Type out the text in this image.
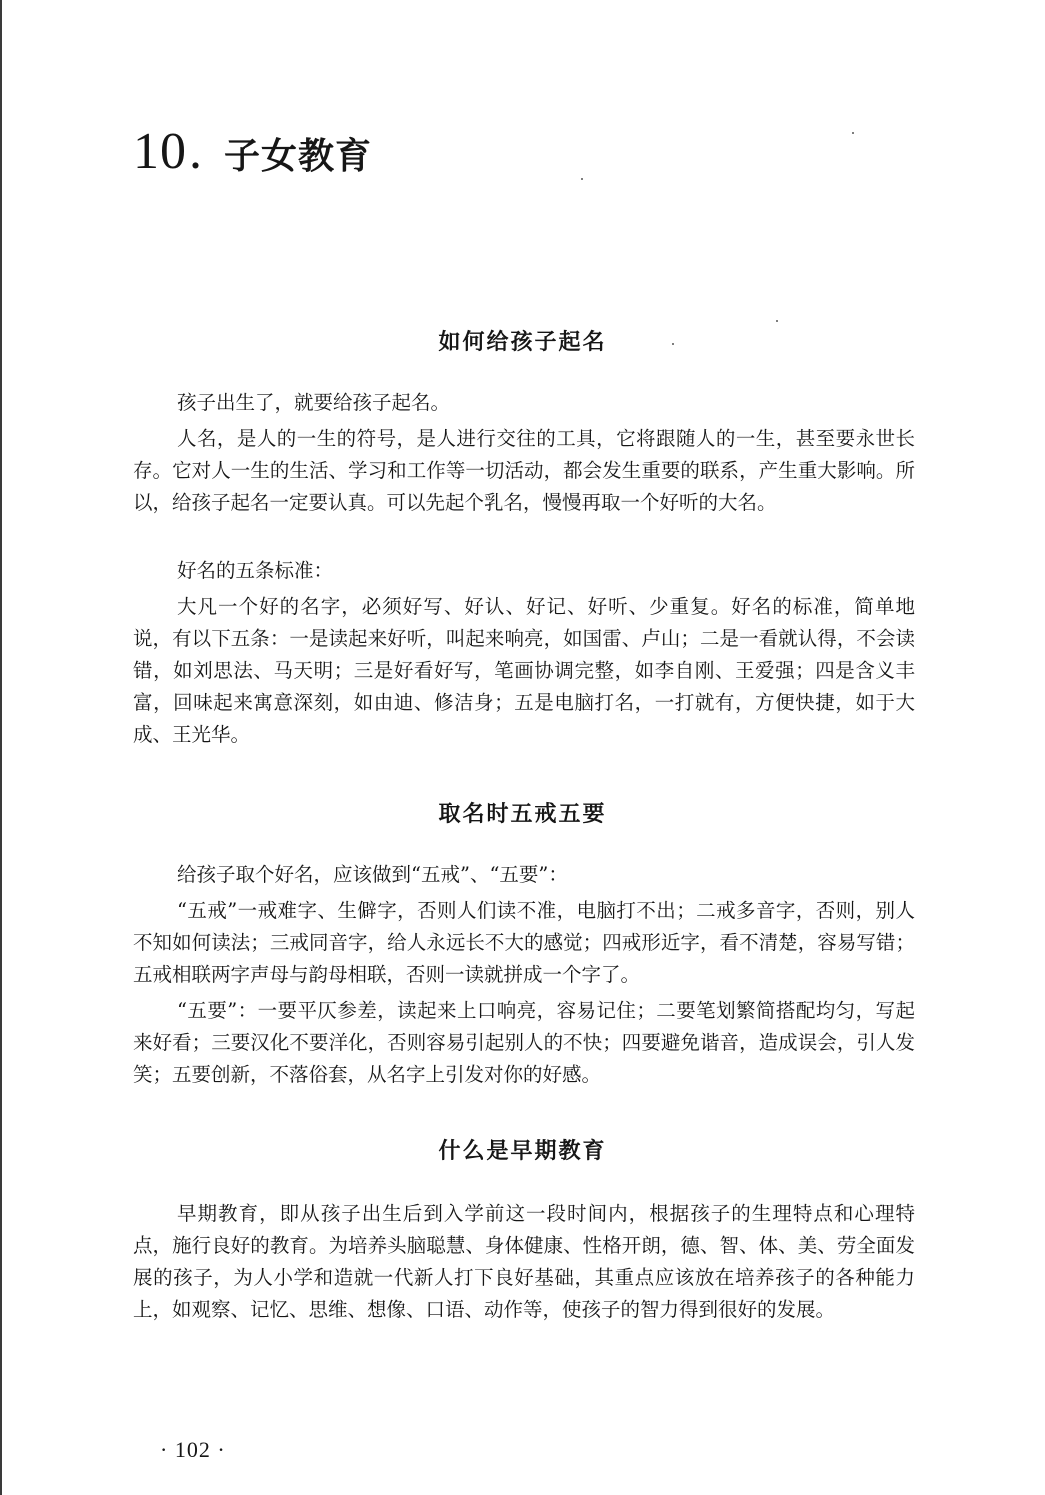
10 . 子女教育
如何给孩子起名

孩子出生了，就要给孩子起名。

人名，是人的一生的符号，是人进行交往的工具，它将跟随人的一生，甚至要永世长存。它对人一生的生活、学习和工作等一切活动，都会发生重要的联系，产生重大影响。所以，给孩子起名一定要认真。可以先起个乳名，慢慢再取一个好听的大名。

好名的五条标准：

大凡一个好的名字，必须好写、好认、好记、好听、少重复。好名的标准，简单地说，有以下五条：一是读起来好听，叫起来响亮，如国雷、卢山；二是一看就认得，不会读错，如刘思法、马天明；三是好看好写，笔画协调完整，如李自刚、王爱强；四是含义丰富，回味起来寓意深刻，如由迪、修洁身；五是电脑打名，一打就有，方便快捷，如于大成、王光华。

取名时五戒五要

给孩子取个好名，应该做到“五戒”、“五要”：

“五戒”一戒难字、生僻字，否则人们读不准，电脑打不出；二戒多音字，否则，别人不知如何读法；三戒同音字，给人永远长不大的感觉；四戒形近字，看不清楚，容易写错；五戒相联两字声母与韵母相联，否则一读就拼成一个字了。

“五要”：一要平仄参差，读起来上口响亮，容易记住；二要笔划繁简搭配均匀，写起来好看；三要汉化不要洋化，否则容易引起别人的不快；四要避免谐音，造成误会，引人发笑；五要创新，不落俗套，从名字上引发对你的好感。

什么是早期教育

早期教育，即从孩子出生后到入学前这一段时间内，根据孩子的生理特点和心理特点，施行良好的教育。为培养头脑聪慧、身体健康、性格开朗，德、智、体、美、劳全面发展的孩子，为人小学和造就一代新人打下良好基础，其重点应该放在培养孩子的各种能力上，如观察、记忆、思维、想像、口语、动作等，使孩子的智力得到很好的发展。

· 102 ·
